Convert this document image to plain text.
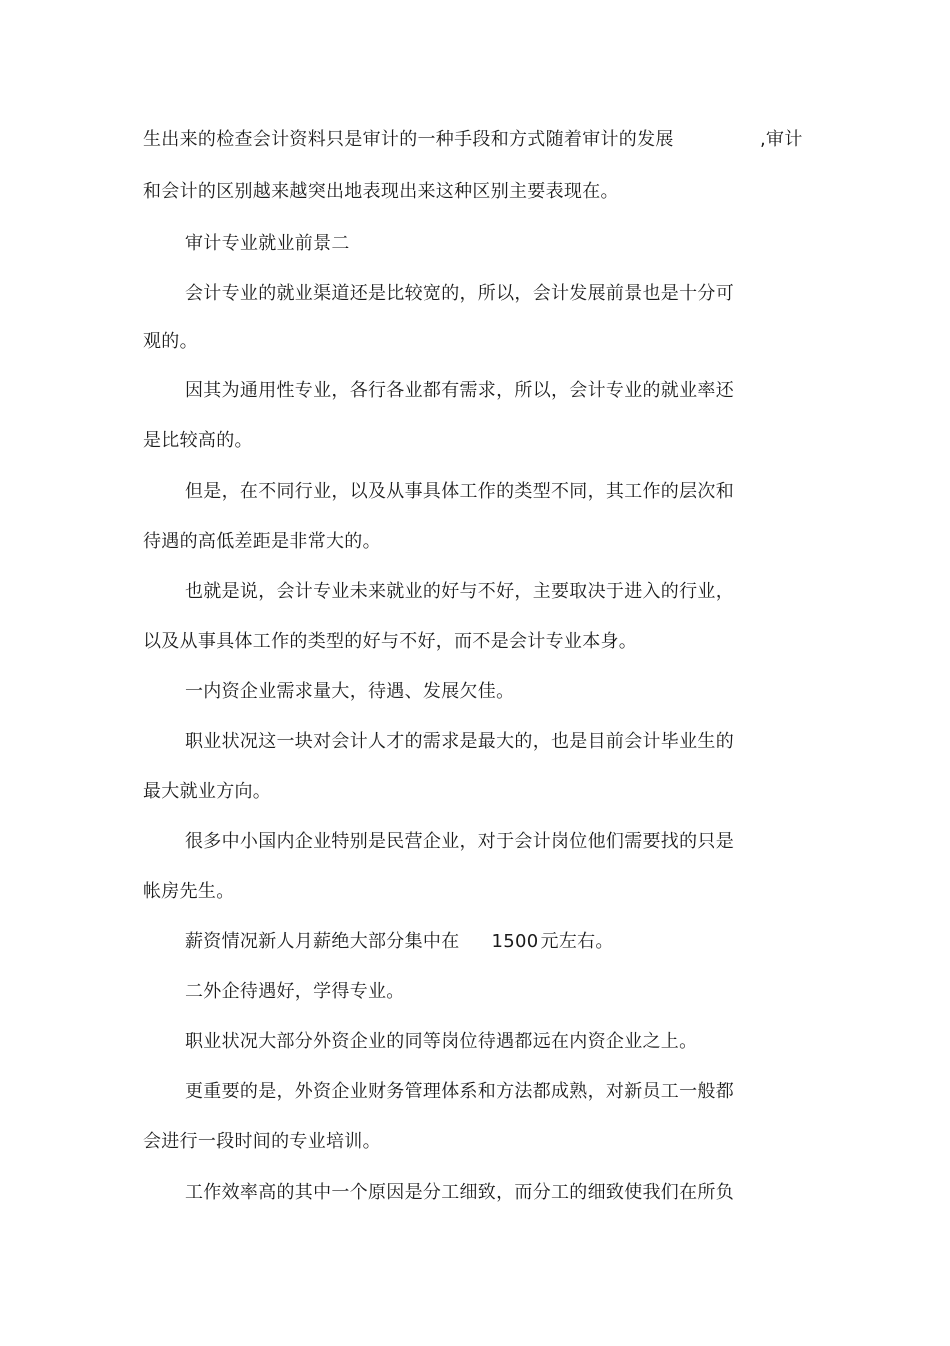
生出来的检查会计资料只是审计的一种手段和方式随着审计的发展	,审计
和会计的区别越来越突出地表现出来这种区别主要表现在。
审计专业就业前景二
会计专业的就业渠道还是比较宽的，所以，会计发展前景也是十分可
观的。
因其为通用性专业，各行各业都有需求，所以，会计专业的就业率还
是比较高的。
但是，在不同行业，以及从事具体工作的类型不同，其工作的层次和
待遇的高低差距是非常大的。
也就是说，会计专业未来就业的好与不好，主要取决于进入的行业，
以及从事具体工作的类型的好与不好，而不是会计专业本身。
一内资企业需求量大，待遇、发展欠佳。
职业状况这一块对会计人才的需求是最大的，也是目前会计毕业生的
最大就业方向。
很多中小国内企业特别是民营企业，对于会计岗位他们需要找的只是
帐房先生。
薪资情况新人月薪绝大部分集中在 1500 元左右。
二外企待遇好，学得专业。
职业状况大部分外资企业的同等岗位待遇都远在内资企业之上。
更重要的是，外资企业财务管理体系和方法都成熟，对新员工一般都
会进行一段时间的专业培训。
工作效率高的其中一个原因是分工细致，而分工的细致使我们在所负
